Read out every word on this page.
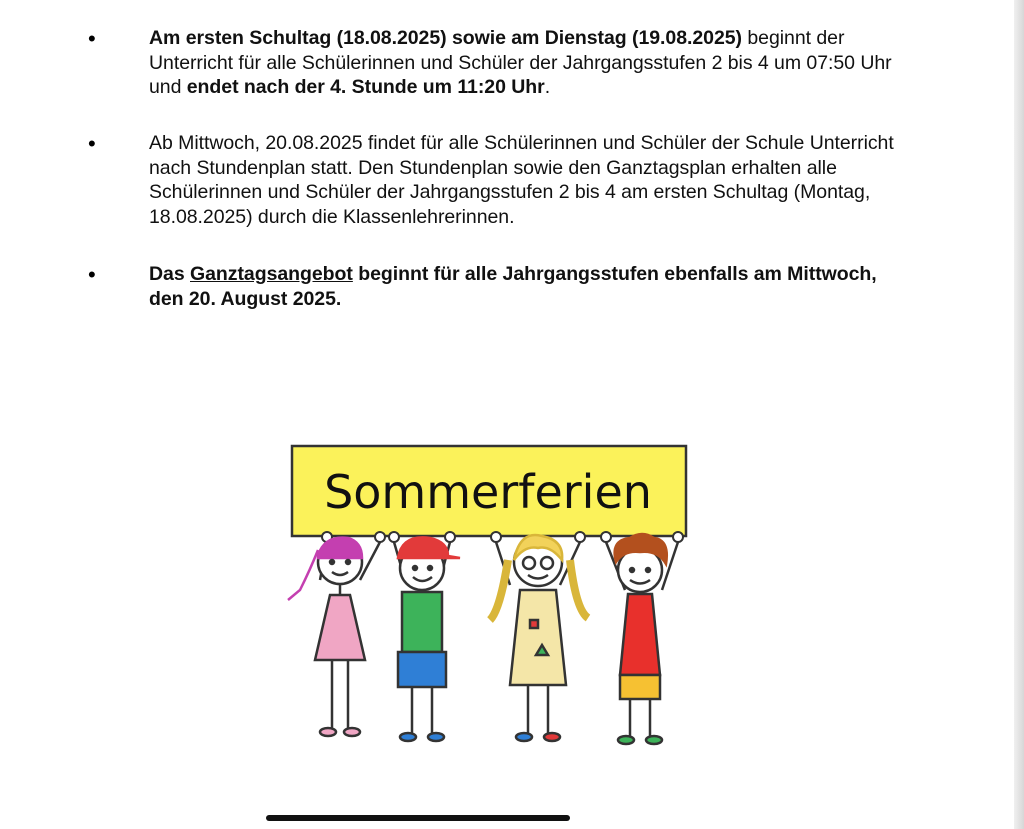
•	Am ersten Schultag (18.08.2025) sowie am Dienstag (19.08.2025) beginnt der Unterricht für alle Schülerinnen und Schüler der Jahrgangsstufen 2 bis 4 um 07:50 Uhr und endet nach der 4. Stunde um 11:20 Uhr.
•	Ab Mittwoch, 20.08.2025 findet für alle Schülerinnen und Schüler der Schule Unterricht nach Stundenplan statt. Den Stundenplan sowie den Ganztagsplan erhalten alle Schülerinnen und Schüler der Jahrgangsstufen 2 bis 4 am ersten Schultag (Montag, 18.08.2025) durch die Klassenlehrerinnen.
•	Das Ganztagsangebot beginnt für alle Jahrgangsstufen ebenfalls am Mittwoch, den 20. August 2025.
Sommerferien
